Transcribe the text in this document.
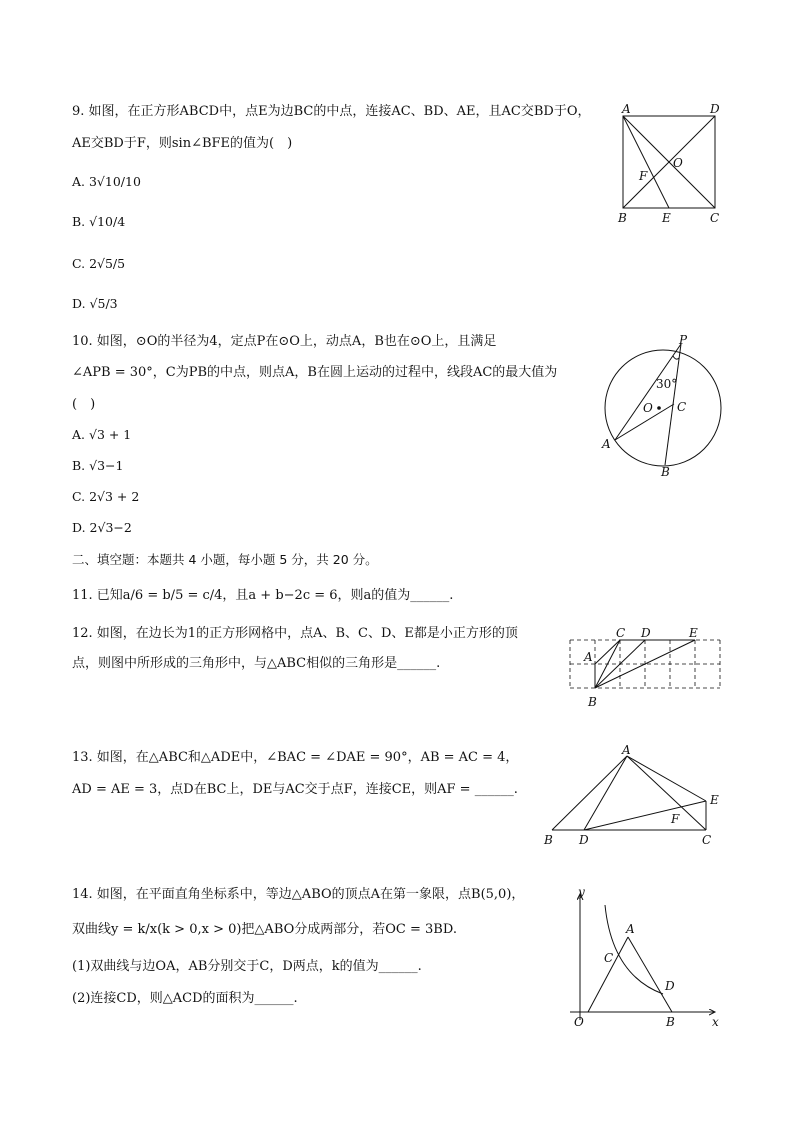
9. 如图，在正方形ABCD中，点E为边BC的中点，连接AC、BD、AE，且AC交BD于O，
AE交BD于F，则sin∠BFE的值为(　)
A. 3√10/10
B. √10/4
C. 2√5/5
D. √5/3
A	D
B	E	C
O
F
10. 如图，⊙O的半径为4，定点P在⊙O上，动点A，B也在⊙O上，且满足
∠APB = 30°，C为PB的中点，则点A，B在圆上运动的过程中，线段AC的最大值为
(　)
A. √3 + 1
B. √3−1
C. 2√3 + 2
D. 2√3−2
P
30°
O C
A
B
二、填空题：本题共 4 小题，每小题 5 分，共 20 分。
11. 已知a/6 = b/5 = c/4，且a + b−2c = 6，则a的值为______.
12. 如图，在边长为1的正方形网格中，点A、B、C、D、E都是小正方形的顶
点，则图中所形成的三角形中，与△ABC相似的三角形是______.
C D	E
A
B
13. 如图，在△ABC和△ADE中，∠BAC = ∠DAE = 90°，AB = AC = 4，
AD = AE = 3，点D在BC上，DE与AC交于点F，连接CE，则AF = ______.
A
B D	C
E
F
14. 如图，在平面直角坐标系中，等边△ABO的顶点A在第一象限，点B(5,0)，
双曲线y = k/x(k > 0,x > 0)把△ABO分成两部分，若OC = 3BD.
(1)双曲线与边OA，AB分别交于C，D两点，k的值为______.
(2)连接CD，则△ACD的面积为______.
y
x
O
A
B
C
D
